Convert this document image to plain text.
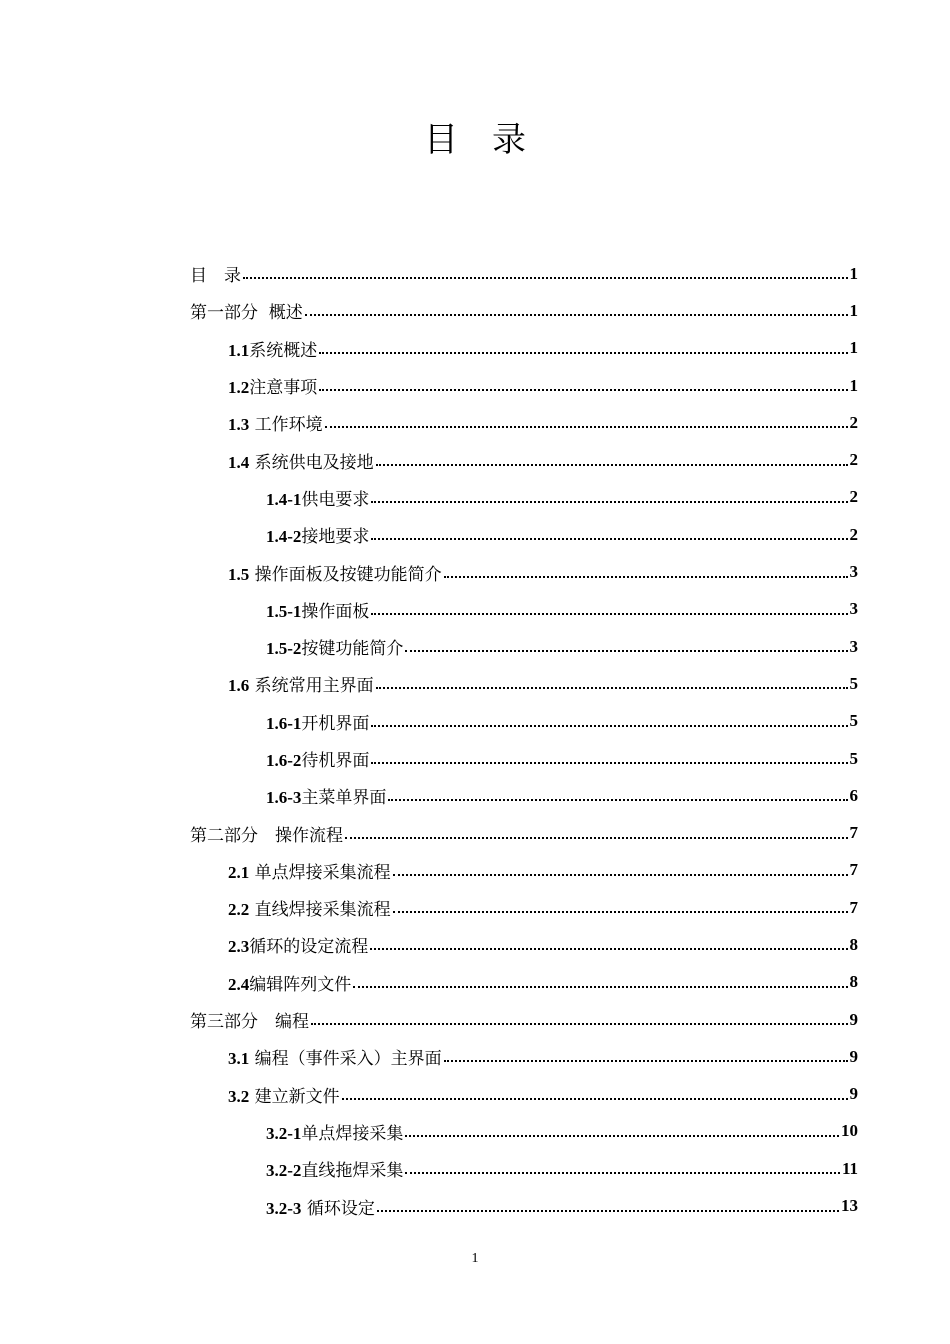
目　录
目　录	1
第一部分  概述	1
1.1系统概述	1
1.2注意事项	1
1.3 工作环境	2
1.4 系统供电及接地	2
1.4-1供电要求	2
1.4-2接地要求	2
1.5 操作面板及按键功能简介	3
1.5-1操作面板	3
1.5-2按键功能简介	3
1.6 系统常用主界面	5
1.6-1开机界面	5
1.6-2待机界面	5
1.6-3主菜单界面	6
第二部分　操作流程	7
2.1 单点焊接采集流程	7
2.2 直线焊接采集流程	7
2.3循环的设定流程	8
2.4编辑阵列文件	8
第三部分　编程	9
3.1 编程（事件采入）主界面	9
3.2 建立新文件	9
3.2-1单点焊接采集	10
3.2-2直线拖焊采集	11
3.2-3 循环设定	13
1
